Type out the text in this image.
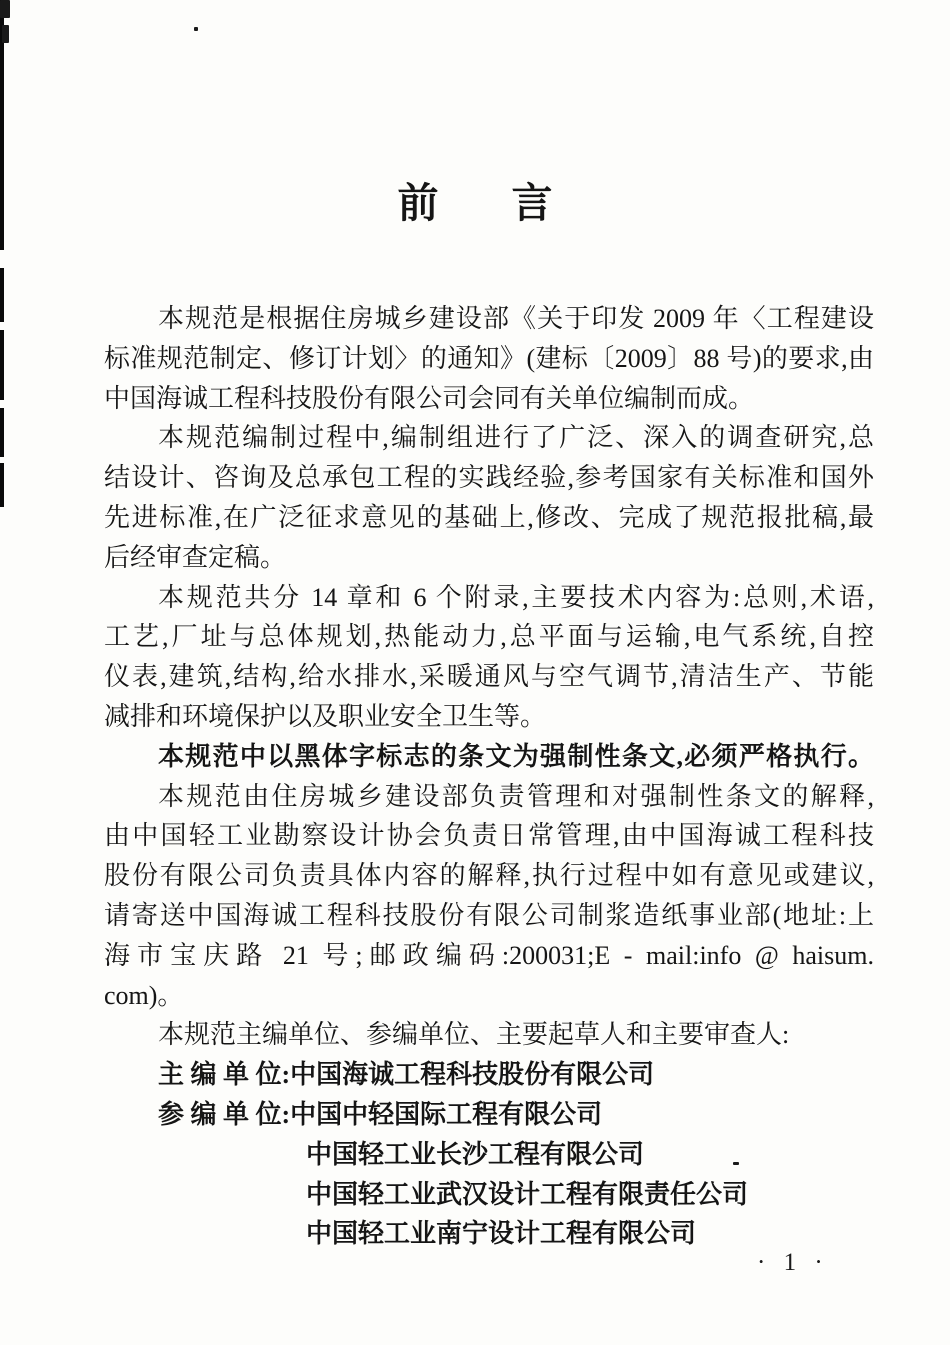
前 言
本规范是根据住房城乡建设部《关于印发 2009 年〈工程建设
标准规范制定、修订计划〉的通知》(建标〔2009〕88 号)的要求,由
中国海诚工程科技股份有限公司会同有关单位编制而成。
本规范编制过程中,编制组进行了广泛、深入的调查研究,总
结设计、咨询及总承包工程的实践经验,参考国家有关标准和国外
先进标准,在广泛征求意见的基础上,修改、完成了规范报批稿,最
后经审查定稿。
本规范共分 14 章和 6 个附录,主要技术内容为:总则,术语,
工艺,厂址与总体规划,热能动力,总平面与运输,电气系统,自控
仪表,建筑,结构,给水排水,采暖通风与空气调节,清洁生产、节能
减排和环境保护以及职业安全卫生等。
本规范中以黑体字标志的条文为强制性条文,必须严格执行。
本规范由住房城乡建设部负责管理和对强制性条文的解释,
由中国轻工业勘察设计协会负责日常管理,由中国海诚工程科技
股份有限公司负责具体内容的解释,执行过程中如有意见或建议,
请寄送中国海诚工程科技股份有限公司制浆造纸事业部(地址:上
海市宝庆路 21 号;邮政编码:200031;E - mail:info @ haisum.
com)。
本规范主编单位、参编单位、主要起草人和主要审查人:
主 编 单 位:中国海诚工程科技股份有限公司
参 编 单 位:中国中轻国际工程有限公司
中国轻工业长沙工程有限公司
中国轻工业武汉设计工程有限责任公司
中国轻工业南宁设计工程有限公司
· 1 ·
